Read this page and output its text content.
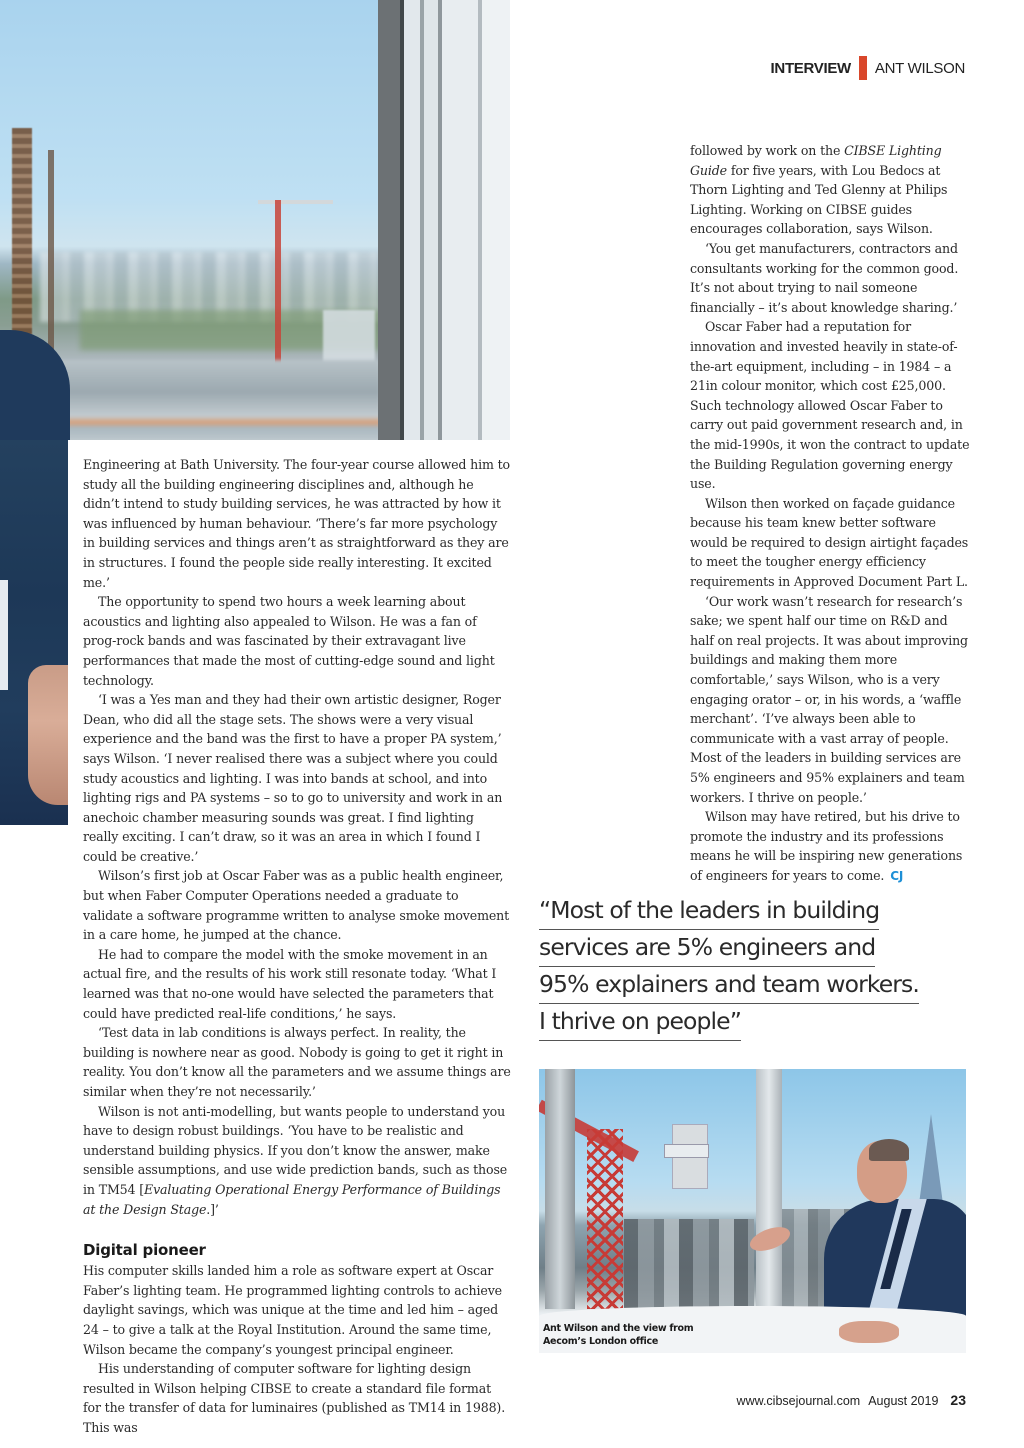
INTERVIEW ANT WILSON

followed by work on the CIBSE Lighting Guide for five years, with Lou Bedocs at Thorn Lighting and Ted Glenny at Philips Lighting. Working on CIBSE guides encourages collaboration, says Wilson.

‘You get manufacturers, contractors and consultants working for the common good. It’s not about trying to nail someone financially – it’s about knowledge sharing.’

Oscar Faber had a reputation for innovation and invested heavily in state-of-the-art equipment, including – in 1984 – a 21in colour monitor, which cost £25,000. Such technology allowed Oscar Faber to carry out paid government research and, in the mid-1990s, it won the contract to update the Building Regulation governing energy use.

Wilson then worked on façade guidance because his team knew better software would be required to design airtight façades to meet the tougher energy efficiency requirements in Approved Document Part L.

‘Our work wasn’t research for research’s sake; we spent half our time on R&D and half on real projects. It was about improving buildings and making them more comfortable,’ says Wilson, who is a very engaging orator – or, in his words, a ‘waffle merchant’. ‘I’ve always been able to communicate with a vast array of people. Most of the leaders in building services are 5% engineers and 95% explainers and team workers. I thrive on people.’

Wilson may have retired, but his drive to promote the industry and its professions means he will be inspiring new generations of engineers for years to come. CJ

Engineering at Bath University. The four-year course allowed him to study all the building engineering disciplines and, although he didn’t intend to study building services, he was attracted by how it was influenced by human behaviour. ‘There’s far more psychology in building services and things aren’t as straightforward as they are in structures. I found the people side really interesting. It excited me.’

The opportunity to spend two hours a week learning about acoustics and lighting also appealed to Wilson. He was a fan of prog-rock bands and was fascinated by their extravagant live performances that made the most of cutting-edge sound and light technology.

‘I was a Yes man and they had their own artistic designer, Roger Dean, who did all the stage sets. The shows were a very visual experience and the band was the first to have a proper PA system,’ says Wilson. ‘I never realised there was a subject where you could study acoustics and lighting. I was into bands at school, and into lighting rigs and PA systems – so to go to university and work in an anechoic chamber measuring sounds was great. I find lighting really exciting. I can’t draw, so it was an area in which I found I could be creative.’

Wilson’s first job at Oscar Faber was as a public health engineer, but when Faber Computer Operations needed a graduate to validate a software programme written to analyse smoke movement in a care home, he jumped at the chance.

He had to compare the model with the smoke movement in an actual fire, and the results of his work still resonate today. ‘What I learned was that no-one would have selected the parameters that could have predicted real-life conditions,’ he says.

‘Test data in lab conditions is always perfect. In reality, the building is nowhere near as good. Nobody is going to get it right in reality. You don’t know all the parameters and we assume things are similar when they’re not necessarily.’

Wilson is not anti-modelling, but wants people to understand you have to design robust buildings. ‘You have to be realistic and understand building physics. If you don’t know the answer, make sensible assumptions, and use wide prediction bands, such as those in TM54 [Evaluating Operational Energy Performance of Buildings at the Design Stage.]’

Digital pioneer

His computer skills landed him a role as software expert at Oscar Faber’s lighting team. He programmed lighting controls to achieve daylight savings, which was unique at the time and led him – aged 24 – to give a talk at the Royal Institution. Around the same time, Wilson became the company’s youngest principal engineer.

His understanding of computer software for lighting design resulted in Wilson helping CIBSE to create a standard file format for the transfer of data for luminaires (published as TM14 in 1988). This was

“Most of the leaders in building
services are 5% engineers and
95% explainers and team workers.
I thrive on people”
Ant Wilson and the view from
Aecom’s London office
www.cibsejournal.com August 2019 23
